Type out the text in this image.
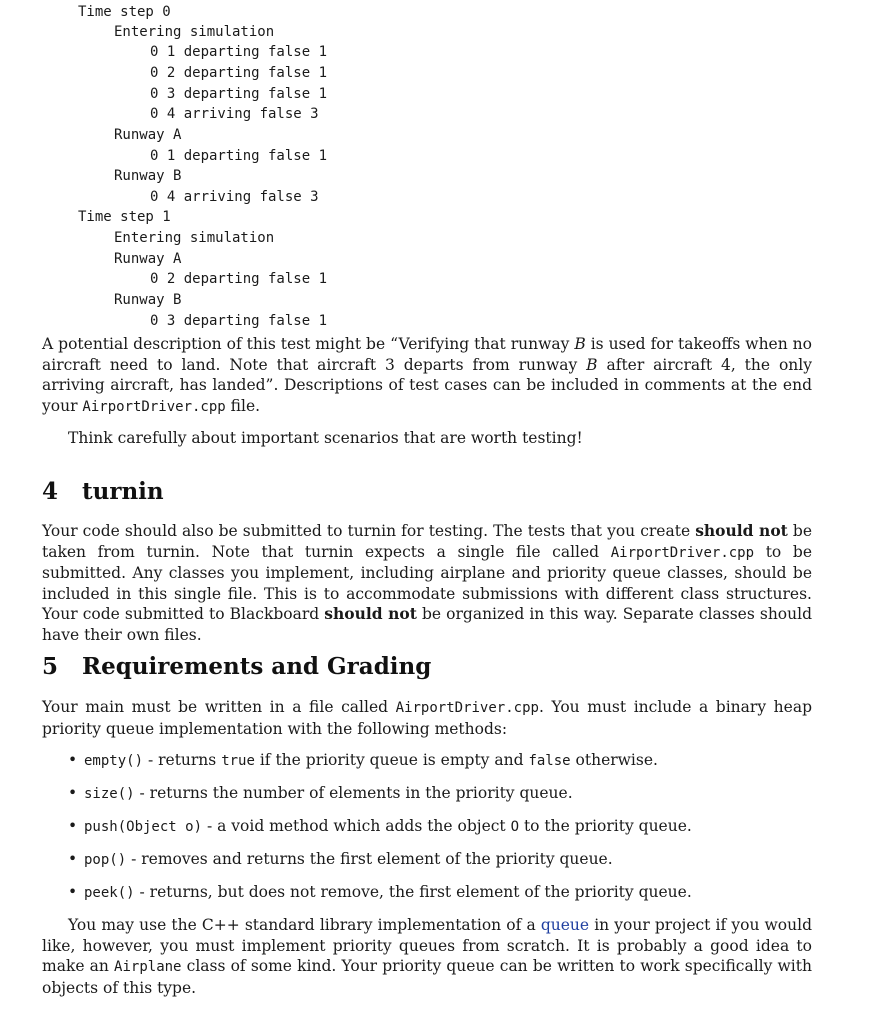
Time step 0
Entering simulation
0 1 departing false 1
0 2 departing false 1
0 3 departing false 1
0 4 arriving false 3
Runway A
0 1 departing false 1
Runway B
0 4 arriving false 3
Time step 1
Entering simulation
Runway A
0 2 departing false 1
Runway B
0 3 departing false 1

A potential description of this test might be “Verifying that runway B is used for takeoffs when no aircraft need to land. Note that aircraft 3 departs from runway B after aircraft 4, the only arriving aircraft, has landed”. Descriptions of test cases can be included in comments at the end your AirportDriver.cpp file.

Think carefully about important scenarios that are worth testing!

4 turnin

Your code should also be submitted to turnin for testing. The tests that you create should not be taken from turnin. Note that turnin expects a single file called AirportDriver.cpp to be submitted. Any classes you implement, including airplane and priority queue classes, should be included in this single file. This is to accommodate submissions with different class structures. Your code submitted to Blackboard should not be organized in this way. Separate classes should have their own files.

5 Requirements and Grading

Your main must be written in a file called AirportDriver.cpp. You must include a binary heap priority queue implementation with the following methods:

• empty() - returns true if the priority queue is empty and false otherwise.
• size() - returns the number of elements in the priority queue.
• push(Object o) - a void method which adds the object O to the priority queue.
• pop() - removes and returns the first element of the priority queue.
• peek() - returns, but does not remove, the first element of the priority queue.

You may use the C++ standard library implementation of a queue in your project if you would like, however, you must implement priority queues from scratch. It is probably a good idea to make an Airplane class of some kind. Your priority queue can be written to work specifically with objects of this type.
